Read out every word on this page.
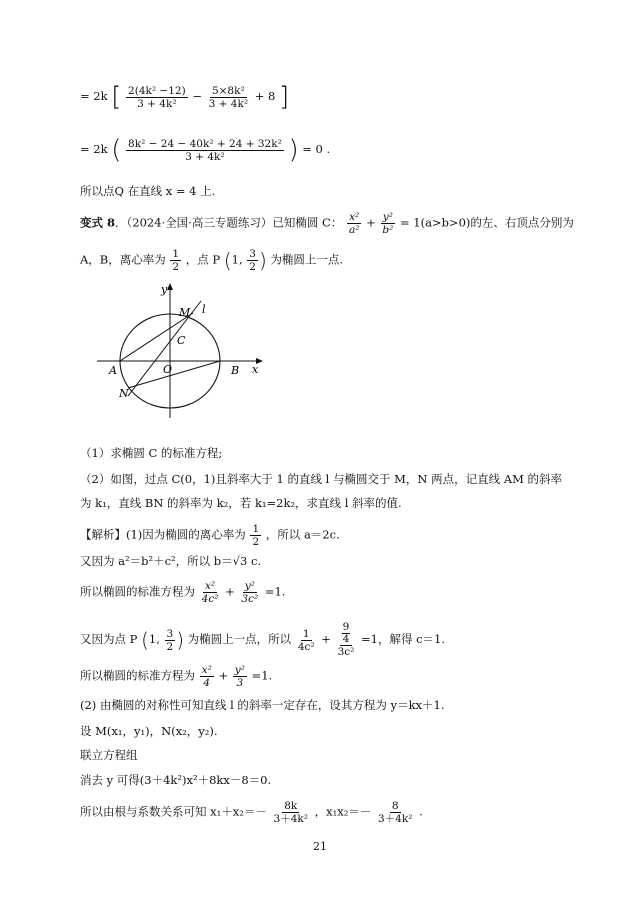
= 2k [ $\frac{\text{2(4k² −12)}}{\text{3 + 4k²}} - \frac{\text{5×8k²}}{\text{3 + 4k²}} + 8$ ]
= 2k ( $\frac{\text{8k² − 24 − 40k² + 24 + 32k²}}{\text{3 + 4k²}}$ ) = 0 .
所以点Q 在直线 x = 4 上.
变式 8．（2024·全国·高三专题练习）已知椭圆 C： $\frac{\text{x²}}{\text{a²}} + \frac{\text{y²}}{\text{b²}} = 1(a>b>0)$的左、右顶点分别为
A，B，离心率为 $\frac{1}{2}$ ，点 P (1, $\frac{3}{2}$ ) 为椭圆上一点.
y
M l
C
A	O	B x
N
（1）求椭圆 C 的标准方程;
（2）如图，过点 C(0，1)且斜率大于 1 的直线 l 与椭圆交于 M，N 两点，记直线 AM 的斜率
为 k₁，直线 BN 的斜率为 k₂，若 k₁=2k₂，求直线 l 斜率的值.
【解析】(1)因为椭圆的离心率为 $\frac{1}{2}$ ，所以 a＝2c.
又因为 a²＝b²＋c²，所以 b＝√3 c.
所以椭圆的标准方程为 $\frac{\text{x²}}{\text{4c²}} + \frac{\text{y²}}{\text{3c²}} =1$.
又因为点 P (1, $\frac{3}{2}$ ) 为椭圆上一点，所以 $\frac{1}{\text{4c²}} + 9$
4
3c² =1，解得 c＝1.
所以椭圆的标准方程为 $\frac{\text{x²}}{4} + \frac{\text{y²}}{3} =1$.
(2) 由椭圆的对称性可知直线 l 的斜率一定存在，设其方程为 y＝kx＋1.
设 M(x₁，y₁)，N(x₂，y₂).
联立方程组
消去 y 可得(3＋4k²)x²＋8kx－8＝0.
所以由根与系数关系可知 $x_1+x_2=- \frac{8k}{\text{3＋4k²}}$ ，$x_1x_2=- \frac{8}{\text{3＋4k²}}$ .
21
